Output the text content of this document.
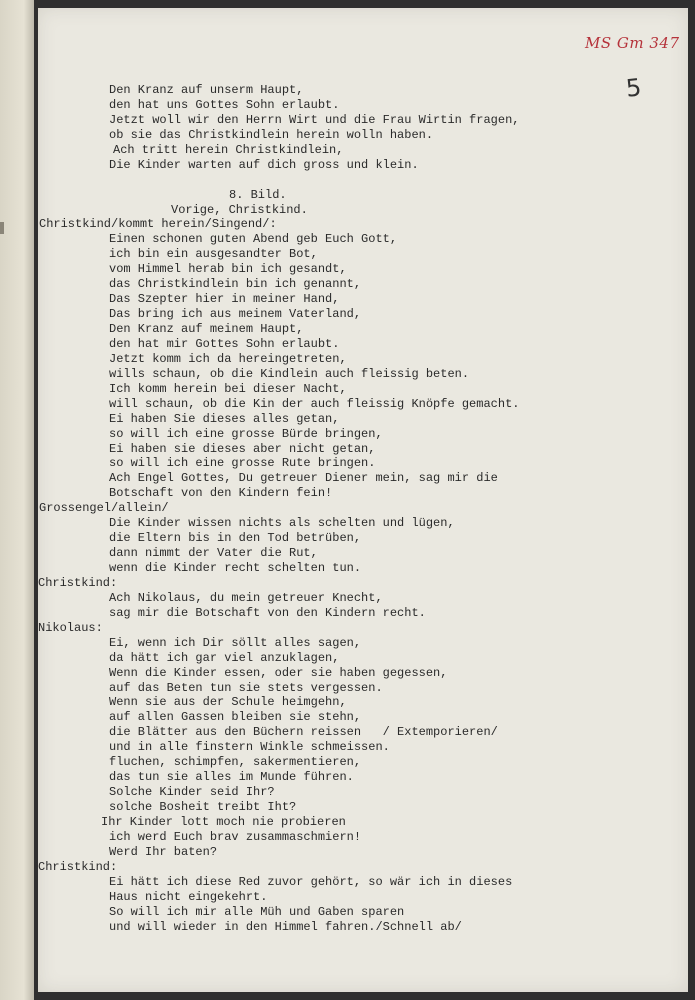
MS Gm 347
5
Den Kranz auf unserm Haupt,
den hat uns Gottes Sohn erlaubt.
Jetzt woll wir den Herrn Wirt und die Frau Wirtin fragen,
ob sie das Christkindlein herein wolln haben.
Ach tritt herein Christkindlein,
Die Kinder warten auf dich gross und klein.
8. Bild.
Vorige, Christkind.
Christkind/kommt herein/Singend/:
Einen schonen guten Abend geb Euch Gott,
ich bin ein ausgesandter Bot,
vom Himmel herab bin ich gesandt,
das Christkindlein bin ich genannt,
Das Szepter hier in meiner Hand,
Das bring ich aus meinem Vaterland,
Den Kranz auf meinem Haupt,
den hat mir Gottes Sohn erlaubt.
Jetzt komm ich da hereingetreten,
wills schaun, ob die Kindlein auch fleissig beten.
Ich komm herein bei dieser Nacht,
will schaun, ob die Kin der auch fleissig Knöpfe gemacht.
Ei haben Sie dieses alles getan,
so will ich eine grosse Bürde bringen,
Ei haben sie dieses aber nicht getan,
so will ich eine grosse Rute bringen.
Ach Engel Gottes, Du getreuer Diener mein, sag mir die
Botschaft von den Kindern fein!
Grossengel/allein/
Die Kinder wissen nichts als schelten und lügen,
die Eltern bis in den Tod betrüben,
dann nimmt der Vater die Rut,
wenn die Kinder recht schelten tun.
Christkind:
Ach Nikolaus, du mein getreuer Knecht,
sag mir die Botschaft von den Kindern recht.
Nikolaus:
Ei, wenn ich Dir söllt alles sagen,
da hätt ich gar viel anzuklagen,
Wenn die Kinder essen, oder sie haben gegessen,
auf das Beten tun sie stets vergessen.
Wenn sie aus der Schule heimgehn,
auf allen Gassen bleiben sie stehn,
die Blätter aus den Büchern reissen   / Extemporieren/
und in alle finstern Winkle schmeissen.
fluchen, schimpfen, sakermentieren,
das tun sie alles im Munde führen.
Solche Kinder seid Ihr?
solche Bosheit treibt Iht?
Ihr Kinder lott moch nie probieren
ich werd Euch brav zusammaschmiern!
Werd Ihr baten?
Christkind:
Ei hätt ich diese Red zuvor gehört, so wär ich in dieses
Haus nicht eingekehrt.
So will ich mir alle Müh und Gaben sparen
und will wieder in den Himmel fahren./Schnell ab/
